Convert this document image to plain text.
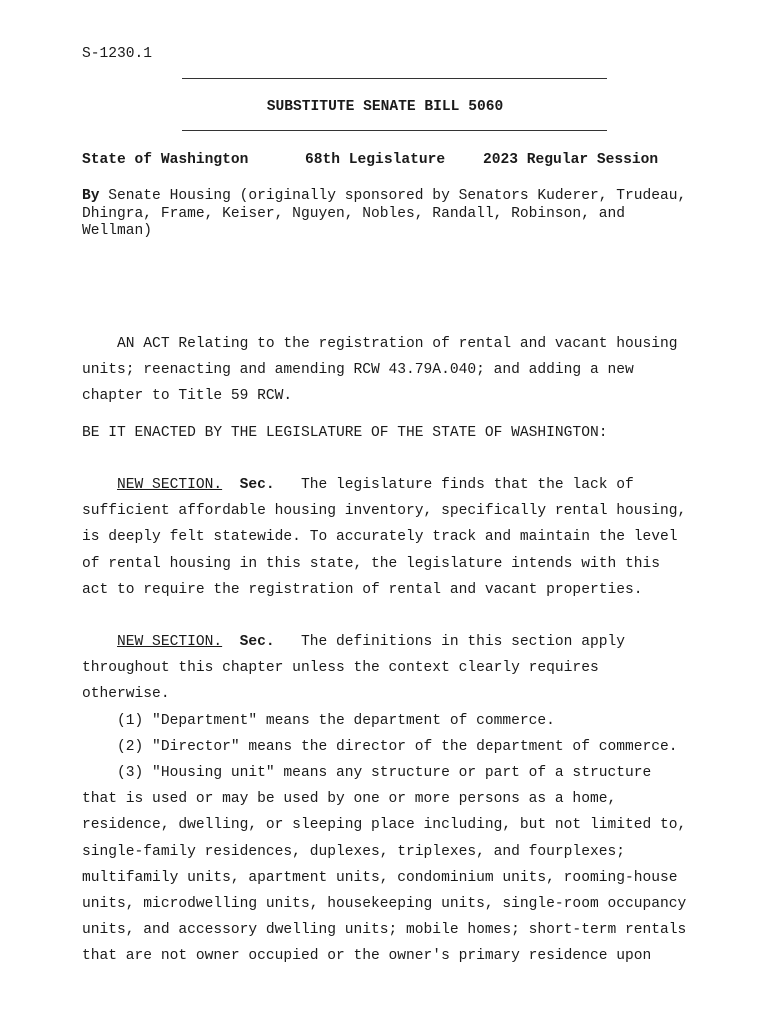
S-1230.1
SUBSTITUTE SENATE BILL 5060
State of Washington	68th Legislature	2023 Regular Session
By Senate Housing (originally sponsored by Senators Kuderer, Trudeau,
Dhingra, Frame, Keiser, Nguyen, Nobles, Randall, Robinson, and
Wellman)
AN ACT Relating to the registration of rental and vacant housing
units; reenacting and amending RCW 43.79A.040; and adding a new
chapter to Title 59 RCW.
BE IT ENACTED BY THE LEGISLATURE OF THE STATE OF WASHINGTON:
NEW SECTION. Sec.   The legislature finds that the lack of
sufficient affordable housing inventory, specifically rental housing,
is deeply felt statewide. To accurately track and maintain the level
of rental housing in this state, the legislature intends with this
act to require the registration of rental and vacant properties.
NEW SECTION. Sec.   The definitions in this section apply
throughout this chapter unless the context clearly requires
otherwise.
(1) "Department" means the department of commerce.
(2) "Director" means the director of the department of commerce.
(3) "Housing unit" means any structure or part of a structure
that is used or may be used by one or more persons as a home,
residence, dwelling, or sleeping place including, but not limited to,
single-family residences, duplexes, triplexes, and fourplexes;
multifamily units, apartment units, condominium units, rooming-house
units, microdwelling units, housekeeping units, single-room occupancy
units, and accessory dwelling units; mobile homes; short-term rentals
that are not owner occupied or the owner's primary residence upon
